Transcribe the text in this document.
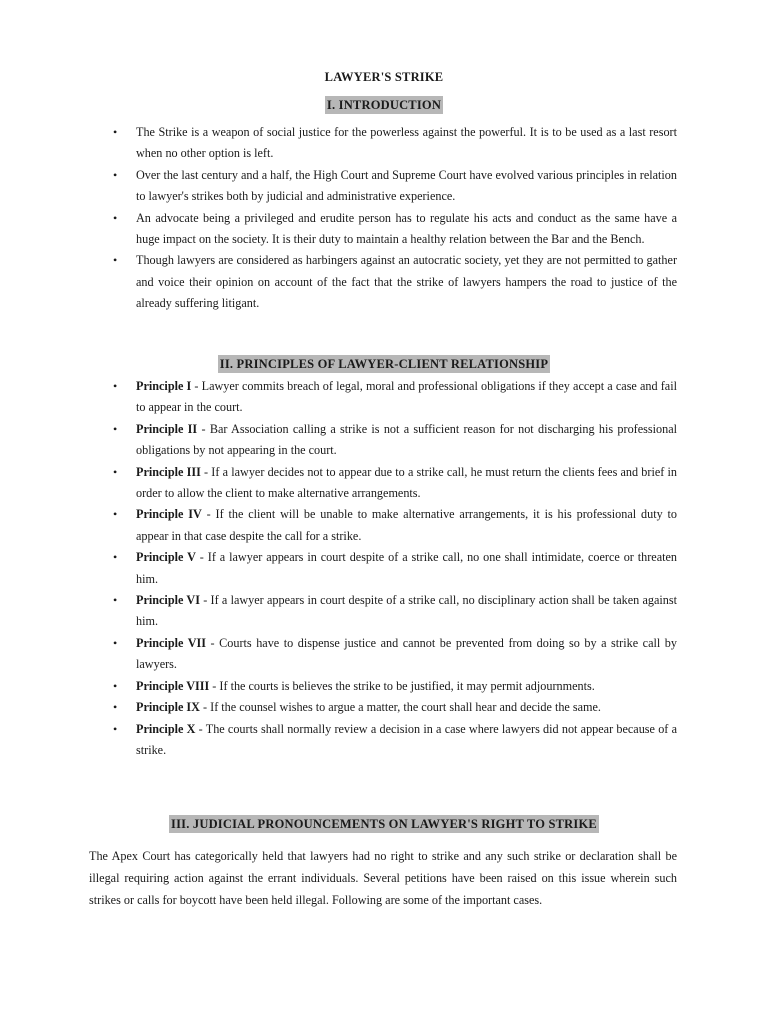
LAWYER'S STRIKE
I. INTRODUCTION
• The Strike is a weapon of social justice for the powerless against the powerful. It is to be used as a last resort when no other option is left.
• Over the last century and a half, the High Court and Supreme Court have evolved various principles in relation to lawyer's strikes both by judicial and administrative experience.
• An advocate being a privileged and erudite person has to regulate his acts and conduct as the same have a huge impact on the society. It is their duty to maintain a healthy relation between the Bar and the Bench.
• Though lawyers are considered as harbingers against an autocratic society, yet they are not permitted to gather and voice their opinion on account of the fact that the strike of lawyers hampers the road to justice of the already suffering litigant.
II. PRINCIPLES OF LAWYER-CLIENT RELATIONSHIP
• Principle I - Lawyer commits breach of legal, moral and professional obligations if they accept a case and fail to appear in the court.
• Principle II - Bar Association calling a strike is not a sufficient reason for not discharging his professional obligations by not appearing in the court.
• Principle III - If a lawyer decides not to appear due to a strike call, he must return the clients fees and brief in order to allow the client to make alternative arrangements.
• Principle IV - If the client will be unable to make alternative arrangements, it is his professional duty to appear in that case despite the call for a strike.
• Principle V - If a lawyer appears in court despite of a strike call, no one shall intimidate, coerce or threaten him.
• Principle VI - If a lawyer appears in court despite of a strike call, no disciplinary action shall be taken against him.
• Principle VII - Courts have to dispense justice and cannot be prevented from doing so by a strike call by lawyers.
• Principle VIII - If the courts is believes the strike to be justified, it may permit adjournments.
• Principle IX - If the counsel wishes to argue a matter, the court shall hear and decide the same.
• Principle X - The courts shall normally review a decision in a case where lawyers did not appear because of a strike.
III. JUDICIAL PRONOUNCEMENTS ON LAWYER'S RIGHT TO STRIKE

The Apex Court has categorically held that lawyers had no right to strike and any such strike or declaration shall be illegal requiring action against the errant individuals. Several petitions have been raised on this issue wherein such strikes or calls for boycott have been held illegal. Following are some of the important cases.
